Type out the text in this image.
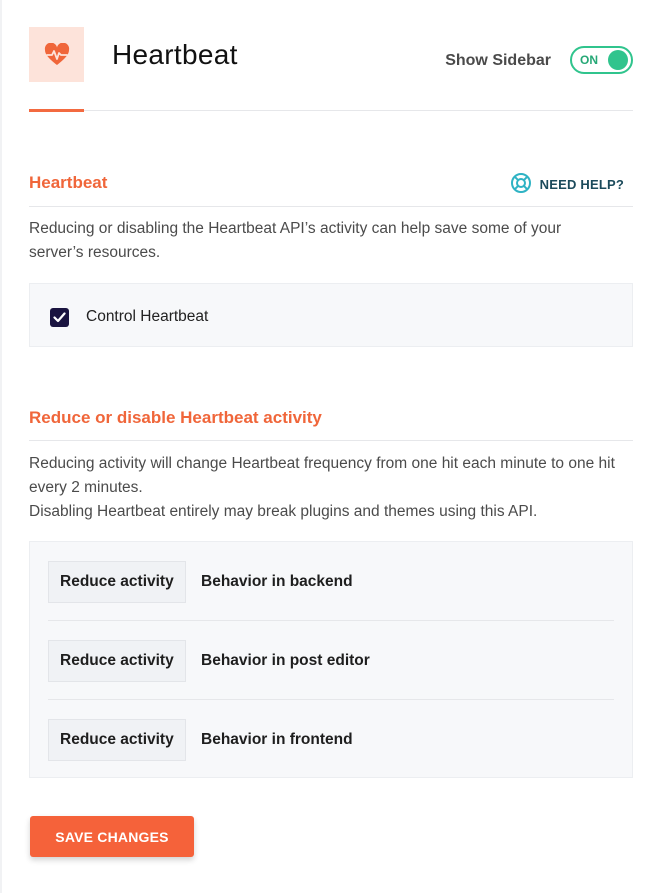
Heartbeat	Show Sidebar ON
Heartbeat	NEED HELP?
Reducing or disabling the Heartbeat API’s activity can help save some of your server’s resources.
Control Heartbeat
Reduce or disable Heartbeat activity
Reducing activity will change Heartbeat frequency from one hit each minute to one hit every 2 minutes.
Disabling Heartbeat entirely may break plugins and themes using this API.
Reduce activity	Behavior in backend
Reduce activity	Behavior in post editor
Reduce activity	Behavior in frontend
SAVE CHANGES
